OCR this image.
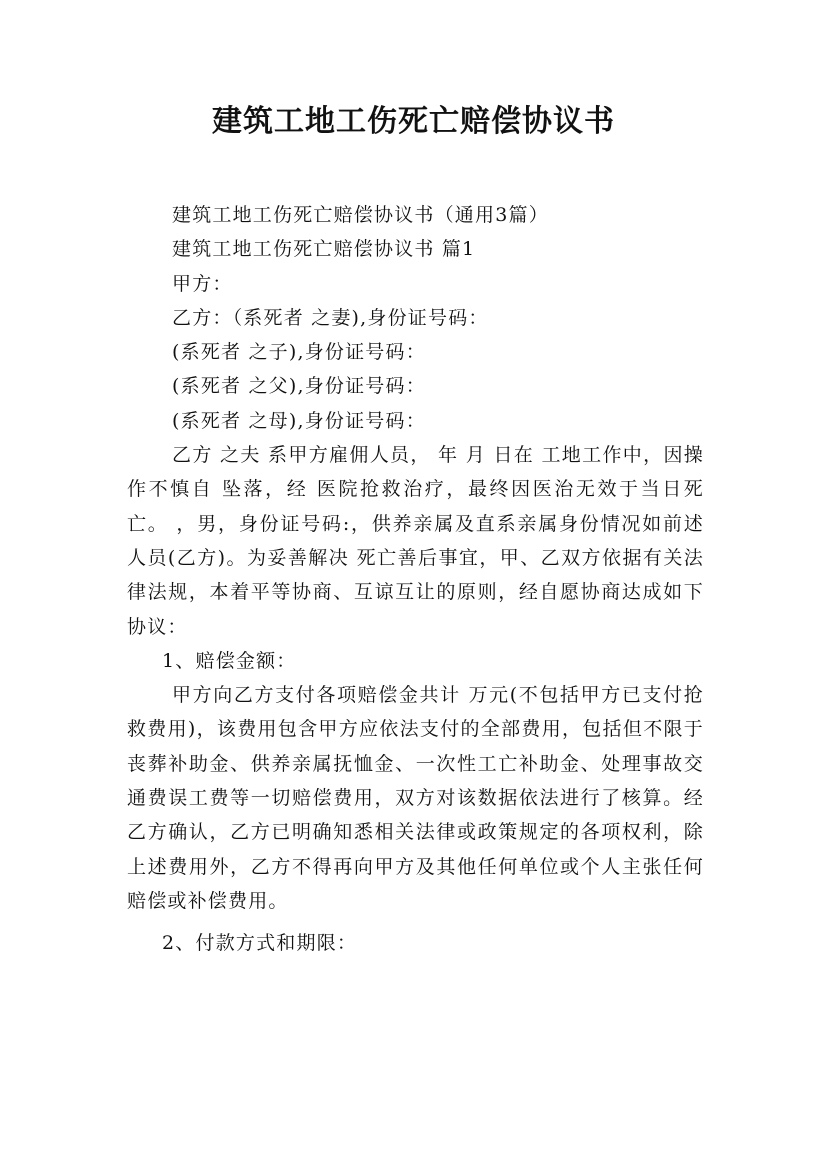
建筑工地工伤死亡赔偿协议书
建筑工地工伤死亡赔偿协议书（通用3篇）
建筑工地工伤死亡赔偿协议书 篇1
甲方：
乙方：（系死者 之妻),身份证号码：
(系死者 之子),身份证号码：
(系死者 之父),身份证号码：
(系死者 之母),身份证号码：

乙方 之夫 系甲方雇佣人员， 年 月 日在 工地工作中，因操作不慎自 坠落，经 医院抢救治疗，最终因医治无效于当日死亡。 ，男，身份证号码:，供养亲属及直系亲属身份情况如前述人员(乙方)。为妥善解决 死亡善后事宜，甲、乙双方依据有关法律法规，本着平等协商、互谅互让的原则，经自愿协商达成如下协议：

1、赔偿金额：

甲方向乙方支付各项赔偿金共计 万元(不包括甲方已支付抢救费用)，该费用包含甲方应依法支付的全部费用，包括但不限于丧葬补助金、供养亲属抚恤金、一次性工亡补助金、处理事故交通费误工费等一切赔偿费用，双方对该数据依法进行了核算。经乙方确认，乙方已明确知悉相关法律或政策规定的各项权利，除上述费用外，乙方不得再向甲方及其他任何单位或个人主张任何赔偿或补偿费用。

2、付款方式和期限：
